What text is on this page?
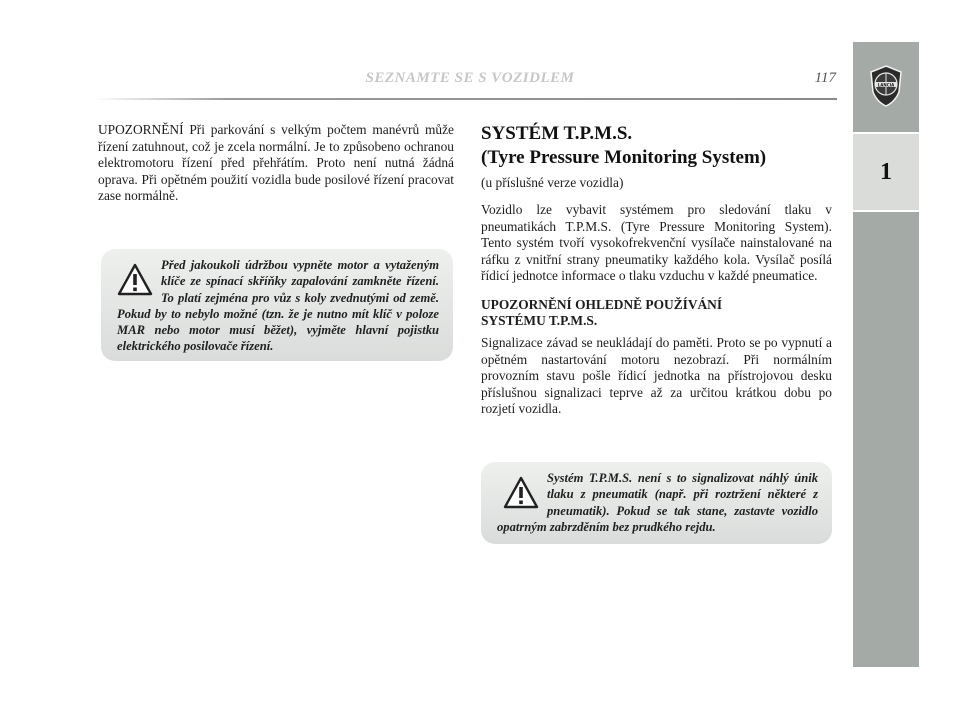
SEZNAMTE SE S VOZIDLEM	117	LANCIA
1

UPOZORNĚNÍ Při parkování s velkým počtem manévrů může řízení zatuhnout, což je zcela normální. Je to způsobeno ochranou elektromotoru řízení před přehřátím. Proto není nutná žádná oprava. Při opětném použití vozidla bude posilové řízení pracovat zase normálně.

Před jakoukoli údržbou vypněte motor a vytaženým klíče ze spínací skříňky zapalování zamkněte řízení. To platí zejména pro vůz s koly zvednutými od země. Pokud by to nebylo možné (tzn. že je nutno mít klíč v poloze MAR nebo motor musí běžet), vyjměte hlavní pojistku elektrického posilovače řízení.

SYSTÉM T.P.M.S.
(Tyre Pressure Monitoring System)

(u příslušné verze vozidla)

Vozidlo lze vybavit systémem pro sledování tlaku v pneumatikách T.P.M.S. (Tyre Pressure Monitoring System). Tento systém tvoří vysokofrekvenční vysílače nainstalované na ráfku z vnitřní strany pneumatiky každého kola. Vysílač posílá řídicí jednotce informace o tlaku vzduchu v každé pneumatice.

UPOZORNĚNÍ OHLEDNĚ POUŽÍVÁNÍ
SYSTÉMU T.P.M.S.

Signalizace závad se neukládají do paměti. Proto se po vypnutí a opětném nastartování motoru nezobrazí. Při normálním provozním stavu pošle řídicí jednotka na přístrojovou desku příslušnou signalizaci teprve až za určitou krátkou dobu po rozjetí vozidla.

Systém T.P.M.S. není s to signalizovat náhlý únik tlaku z pneumatik (např. při roztržení některé z pneumatik). Pokud se tak stane, zastavte vozidlo opatrným zabrzděním bez prudkého rejdu.
